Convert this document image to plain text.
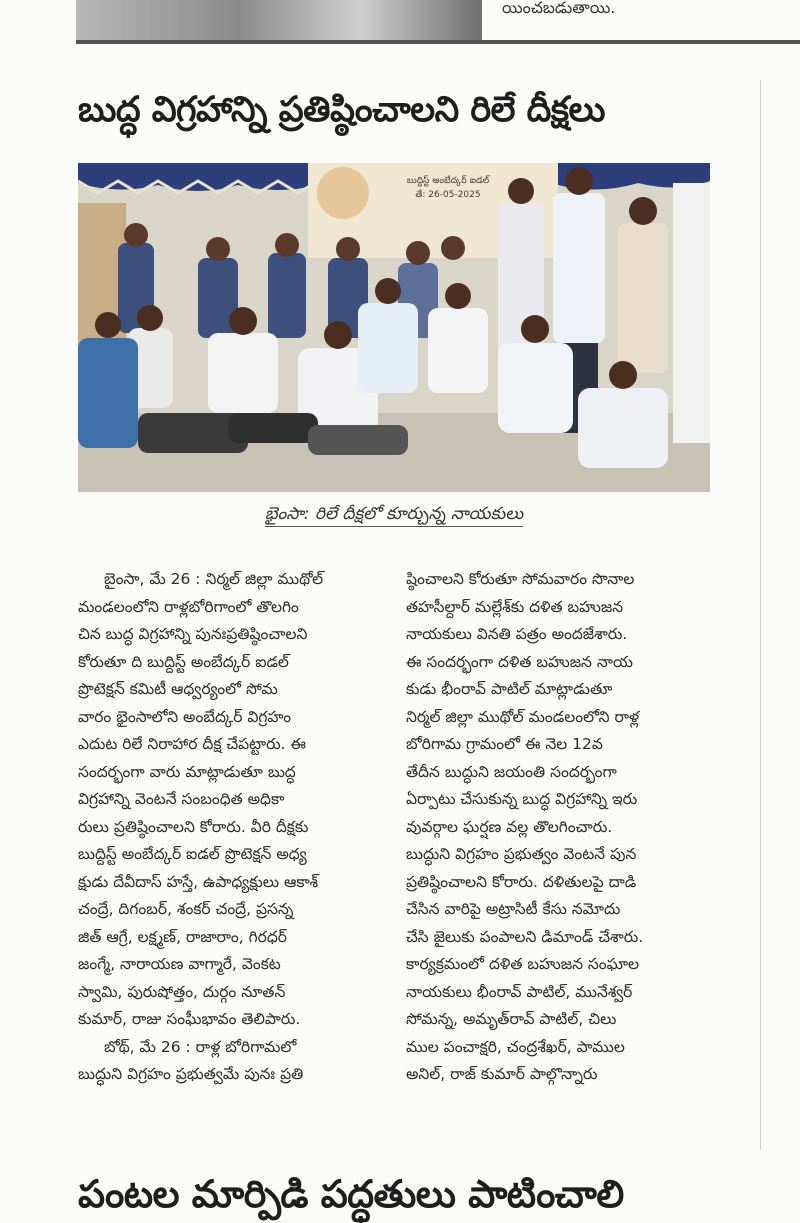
యించబడుతాయి.
బుద్ధ విగ్రహాన్ని ప్రతిష్ఠించాలని రిలే దీక్షలు
బుద్దిస్ట్ అంబేద్కర్ ఐడల్
తే: 26-05-2025
భైంసా: రిలే దీక్షలో కూర్చున్న నాయకులు

బైంసా, మే 26 : నిర్మల్ జిల్లా ముథోల్

మండలంలోని రాళ్లబోరిగాంలో తొలగిం

చిన బుద్ధ విగ్రహాన్ని పునఃప్రతిష్ఠించాలని

కోరుతూ ది బుద్దిస్ట్ అంబేద్కర్ ఐడల్

ప్రొటెక్షన్ కమిటీ ఆధ్వర్యంలో సోమ

వారం భైంసాలోని అంబేద్కర్ విగ్రహం

ఎదుట రిలే నిరాహార దీక్ష చేపట్టారు. ఈ

సందర్భంగా వారు మాట్లాడుతూ బుద్ధ

విగ్రహాన్ని వెంటనే సంబంధిత అధికా

రులు ప్రతిష్ఠించాలని కోరారు. వీరి దీక్షకు

బుద్దిస్ట్ అంబేద్కర్ ఐడల్ ప్రొటెక్షన్ అధ్య

క్షుడు దేవీదాస్ హస్తే, ఉపాధ్యక్షులు ఆకాశ్

చంద్రే, దిగంబర్, శంకర్ చంద్రే, ప్రసన్న

జిత్ ఆగ్రే, లక్ష్మణ్, రాజారాం, గిరధర్

జంగ్మే, నారాయణ వాగ్మారే, వెంకట

స్వామి, పురుషోత్తం, దుర్గం నూతన్

కుమార్, రాజు సంఘీభావం తెలిపారు.

బోథ్, మే 26 : రాళ్ల బోరిగామలో

బుద్ధుని విగ్రహం ప్రభుత్వమే పునః ప్రతి

ష్ఠించాలని కోరుతూ సోమవారం సొనాల

తహసీల్దార్ మల్లేశ్‌కు దళిత బహుజన

నాయకులు వినతి పత్రం అందజేశారు.

ఈ సందర్భంగా దళిత బహుజన నాయ

కుడు భీంరావ్ పాటిల్ మాట్లాడుతూ

నిర్మల్ జిల్లా ముథోల్ మండలంలోని రాళ్ల

బోరిగామ గ్రామంలో ఈ నెల 12వ

తేదీన బుద్ధుని జయంతి సందర్భంగా

ఏర్పాటు చేసుకున్న బుద్ధ విగ్రహాన్ని ఇరు

వువర్గాల ఘర్షణ వల్ల తొలగించారు.

బుద్ధుని విగ్రహం ప్రభుత్వం వెంటనే పున

ప్రతిష్ఠించాలని కోరారు. దళితులపై దాడి

చేసిన వారిపై అట్రాసిటీ కేసు నమోదు

చేసి జైలుకు పంపాలని డిమాండ్ చేశారు.

కార్యక్రమంలో దళిత బహుజన సంఘాల

నాయకులు భీంరావ్ పాటిల్, మునేశ్వర్

సోమన్న, అమృత్‌రావ్ పాటిల్, చిలు

ముల పంచాక్షరి, చంద్రశేఖర్, పాముల

అనిల్, రాజ్ కుమార్ పాల్గొన్నారు

పంటల మార్పిడి పద్ధతులు పాటించాలి
